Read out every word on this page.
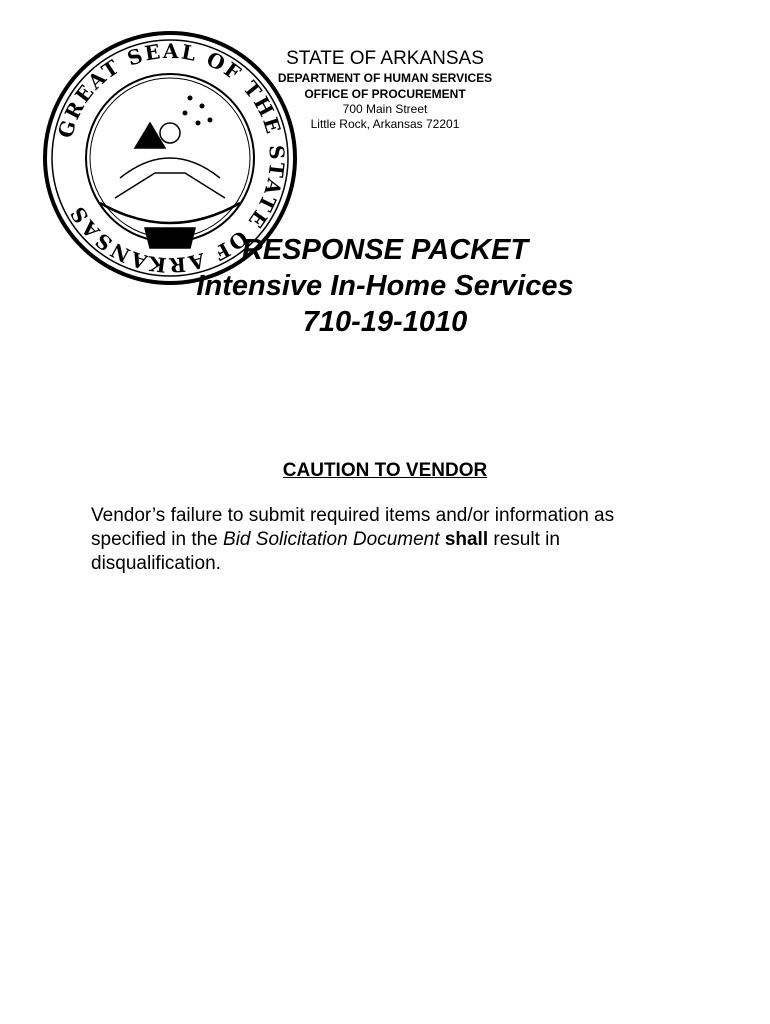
GREAT SEAL OF THE STATE OF ARKANSAS
STATE OF ARKANSAS
DEPARTMENT OF HUMAN SERVICES
OFFICE OF PROCUREMENT
700 Main Street
Little Rock, Arkansas 72201
RESPONSE PACKET
Intensive In-Home Services
710-19-1010
CAUTION TO VENDOR
Vendor’s failure to submit required items and/or information as specified in the Bid Solicitation Document shall result in disqualification.
